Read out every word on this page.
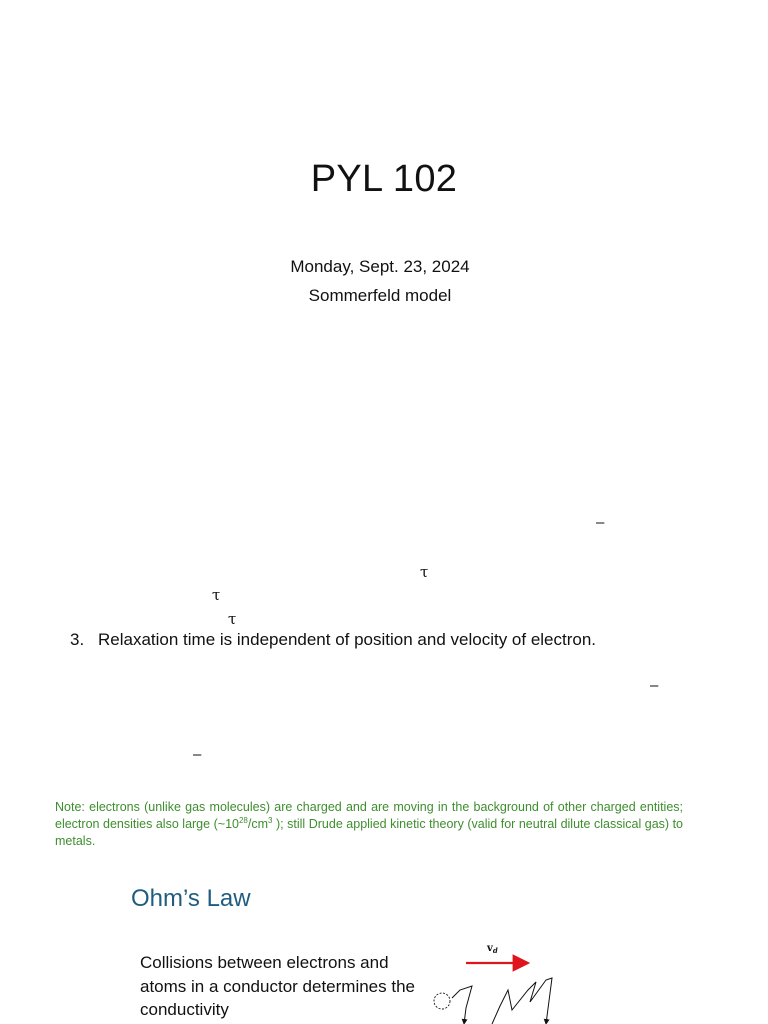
PYL 102
Monday, Sept. 23, 2024
Sommerfeld model
–
τ
τ
τ
3. Relaxation time is independent of position and velocity of electron.
–
–
Note: electrons (unlike gas molecules) are charged and are moving in the background of other charged entities; electron densities also large ($\sim 10^{28}/cm^3$ ); still Drude applied kinetic theory (valid for neutral dilute classical gas) to metals.
Ohm’s Law
Collisions between electrons and atoms in a conductor determines the conductivity
$v_d$
